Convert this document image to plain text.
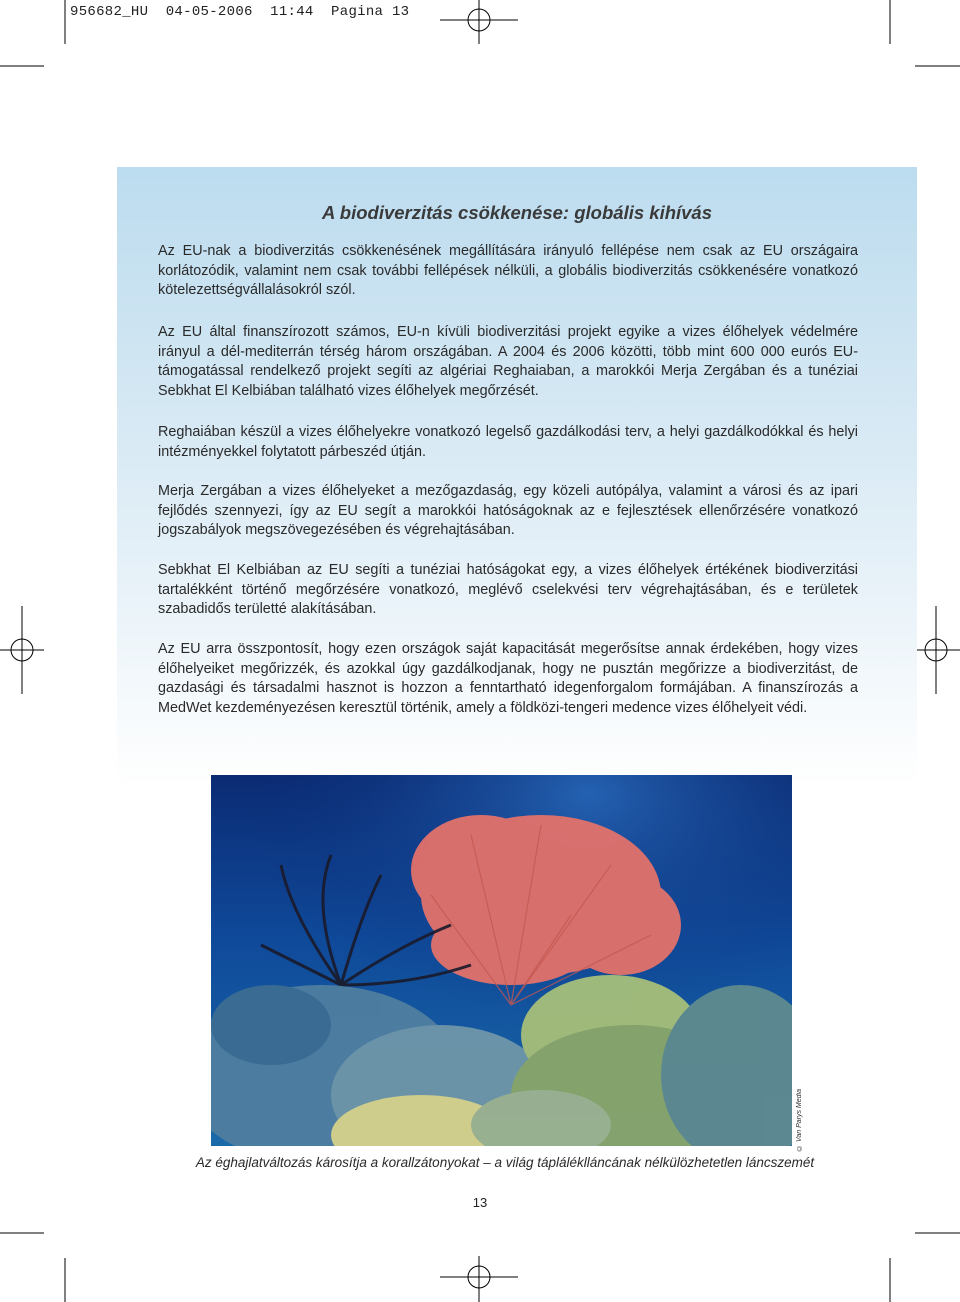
956682_HU  04-05-2006  11:44  Pagina 13
A biodiverzitás csökkenése: globális kihívás

Az EU-nak a biodiverzitás csökkenésének megállítására irányuló fellépése nem csak az EU országaira korlátozódik, valamint nem csak további fellépések nélküli, a globális biodiverzitás csökkenésére vonatkozó kötelezettségvállalásokról szól.

Az EU által finanszírozott számos, EU-n kívüli biodiverzitási projekt egyike a vizes élőhelyek védelmére irányul a dél-mediterrán térség három országában. A 2004 és 2006 közötti, több mint 600 000 eurós EU-támogatással rendelkező projekt segíti az algériai Reghaiaban, a marokkói Merja Zergában és a tunéziai Sebkhat El Kelbiában található vizes élőhelyek megőrzését.

Reghaiában készül a vizes élőhelyekre vonatkozó legelső gazdálkodási terv, a helyi gazdálkodókkal és helyi intézményekkel folytatott párbeszéd útján.

Merja Zergában a vizes élőhelyeket a mezőgazdaság, egy közeli autópálya, valamint a városi és az ipari fejlődés szennyezi, így az EU segít a marokkói hatóságoknak az e fejlesztések ellenőrzésére vonatkozó jogszabályok megszövegezésében és végrehajtásában.

Sebkhat El Kelbiában az EU segíti a tunéziai hatóságokat egy, a vizes élőhelyek értékének biodiverzitási tartalékként történő megőrzésére vonatkozó, meglévő cselekvési terv végrehajtásában, és e területek szabadidős területté alakításában.

Az EU arra összpontosít, hogy ezen országok saját kapacitását megerősítse annak érdekében, hogy vizes élőhelyeiket megőrizzék, és azokkal úgy gazdálkodjanak, hogy ne pusztán megőrizze a biodiverzitást, de gazdasági és társadalmi hasznot is hozzon a fenntartható idegenforgalom formájában. A finanszírozás a MedWet kezdeményezésen keresztül történik, amely a földközi-tengeri medence vizes élőhelyeit védi.

© Van Parys Media

Az éghajlatváltozás károsítja a korallzátonyokat – a világ tápláléklláncának nélkülözhetetlen láncszemét

13
